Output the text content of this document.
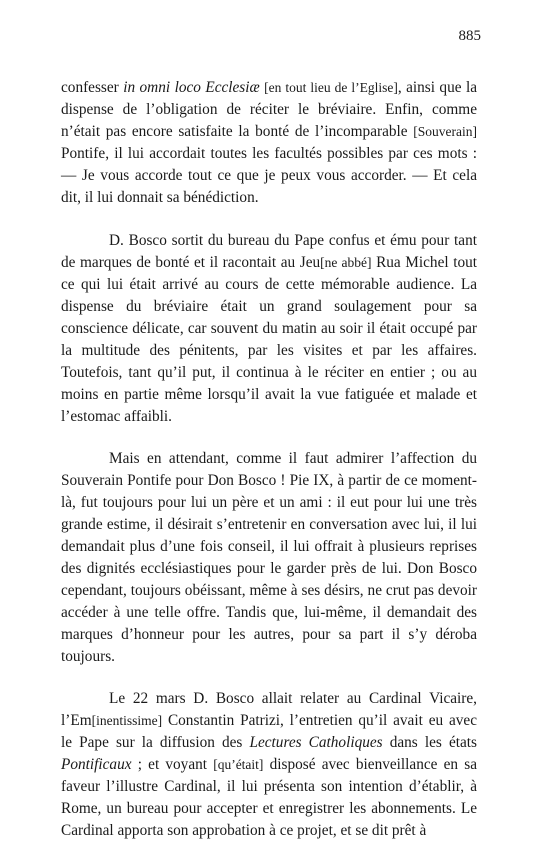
885

confesser in omni loco Ecclesiæ [en tout lieu de l’Eglise], ainsi que la dispense de l’obligation de réciter le bréviaire. Enfin, comme n’était pas encore satisfaite la bonté de l’incomparable [Souverain] Pontife, il lui accordait toutes les facultés possibles par ces mots : — Je vous accorde tout ce que je peux vous accorder. — Et cela dit, il lui donnait sa bénédiction.

D. Bosco sortit du bureau du Pape confus et ému pour tant de marques de bonté et il racontait au Jeu[ne abbé] Rua Michel tout ce qui lui était arrivé au cours de cette mémorable audience. La dispense du bréviaire était un grand soulagement pour sa conscience délicate, car souvent du matin au soir il était occupé par la multitude des pénitents, par les visites et par les affaires. Toutefois, tant qu’il put, il continua à le réciter en entier ; ou au moins en partie même lorsqu’il avait la vue fatiguée et malade et l’estomac affaibli.

Mais en attendant, comme il faut admirer l’affection du Souverain Pontife pour Don Bosco ! Pie IX, à partir de ce moment-là, fut toujours pour lui un père et un ami : il eut pour lui une très grande estime, il désirait s’entretenir en conversation avec lui, il lui demandait plus d’une fois conseil, il lui offrait à plusieurs reprises des dignités ecclésiastiques pour le garder près de lui. Don Bosco cependant, toujours obéissant, même à ses désirs, ne crut pas devoir accéder à une telle offre. Tandis que, lui-même, il demandait des marques d’honneur pour les autres, pour sa part il s’y déroba toujours.

Le 22 mars D. Bosco allait relater au Cardinal Vicaire, l’Em[inentissime] Constantin Patrizi, l’entretien qu’il avait eu avec le Pape sur la diffusion des Lectures Catholiques dans les états Pontificaux ; et voyant [qu’était] disposé avec bienveillance en sa faveur l’illustre Cardinal, il lui présenta son intention d’établir, à Rome, un bureau pour accepter et enregistrer les abonnements. Le Cardinal apporta son approbation à ce projet, et se dit prêt à
